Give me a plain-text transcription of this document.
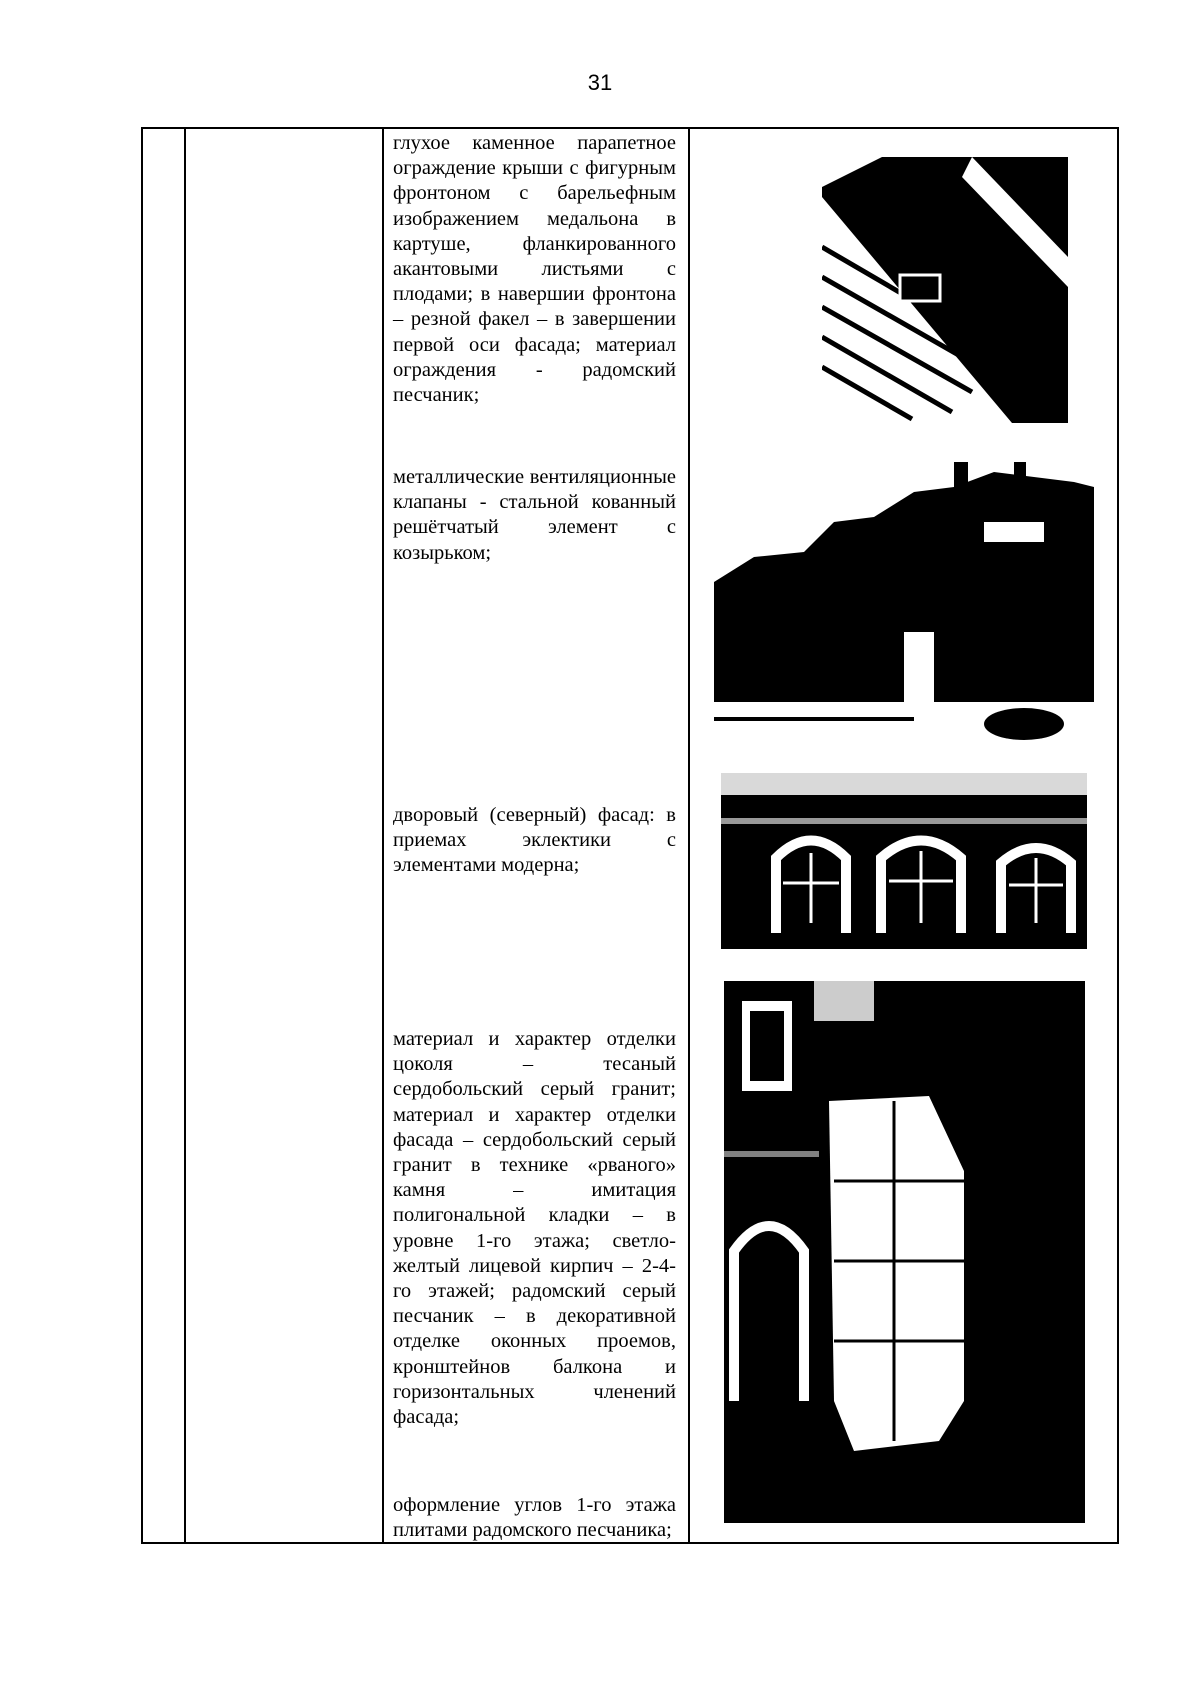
31
глухое каменное парапетное ограждение крыши с фигурным фронтоном с барельефным изображением медальона в картуше, фланкированного акантовыми листьями с плодами; в навершии фронтона – резной факел – в завершении первой оси фасада; материал ограждения - радомский песчаник;
металлические вентиляционные клапаны - стальной кованный решётчатый элемент с козырьком;
дворовый (северный) фасад: в приемах эклектики с элементами модерна;
материал и характер отделки цоколя – тесаный сердобольский серый гранит; материал и характер отделки фасада – сердобольский серый гранит в технике «рваного» камня – имитация полигональной кладки – в уровне 1-го этажа; светло-желтый лицевой кирпич – 2-4-го этажей; радомский серый песчаник – в декоративной отделке оконных проемов, кронштейнов балкона и горизонтальных членений фасада;
оформление углов 1-го этажа плитами радомского песчаника;
